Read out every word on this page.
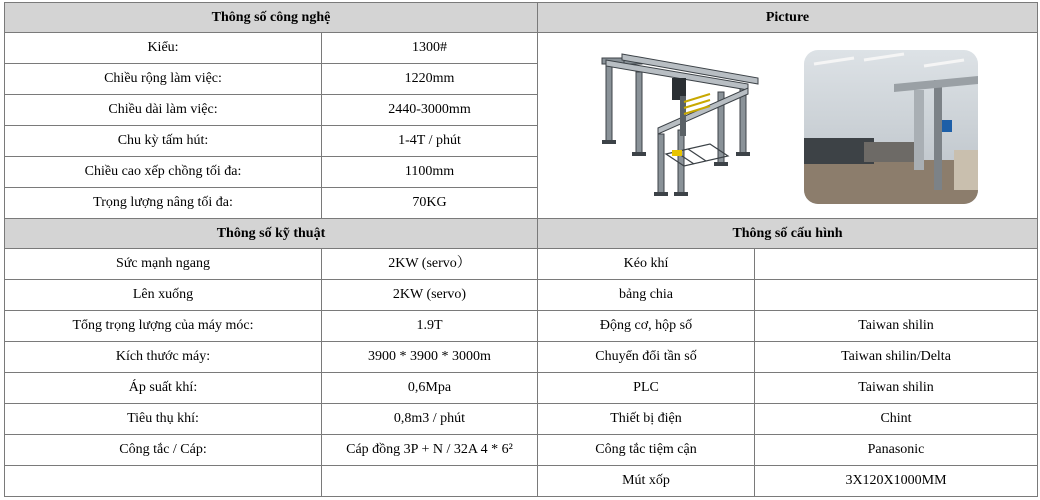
Thông số công nghệ		Picture	
Kiểu:	1300#	

Chiều rộng làm việc:	1220mm		
Chiều dài làm việc:	2440-3000mm		
Chu kỳ tấm hút:	1-4T / phút		
Chiều cao xếp chồng tối đa:	1100mm		
Trọng lượng nâng tối đa:	70KG		
Thông số kỹ thuật		Thông số cấu hình	
Sức mạnh ngang	2KW (servo）	Kéo khí	
Lên xuống	2KW (servo)	bảng chia	
Tổng trọng lượng của máy móc:	1.9T	Động cơ, hộp số	Taiwan shilin
Kích thước máy:	3900 * 3900 * 3000m	Chuyển đổi tần số	Taiwan shilin/Delta
Áp suất khí:	0,6Mpa	PLC	Taiwan shilin
Tiêu thụ khí:	0,8m3 / phút	Thiết bị điện	Chint
Công tắc / Cáp:	Cáp đồng 3P + N / 32A 4 * 6²	Công tắc tiệm cận	Panasonic
		Mút xốp	3X120X1000MM
